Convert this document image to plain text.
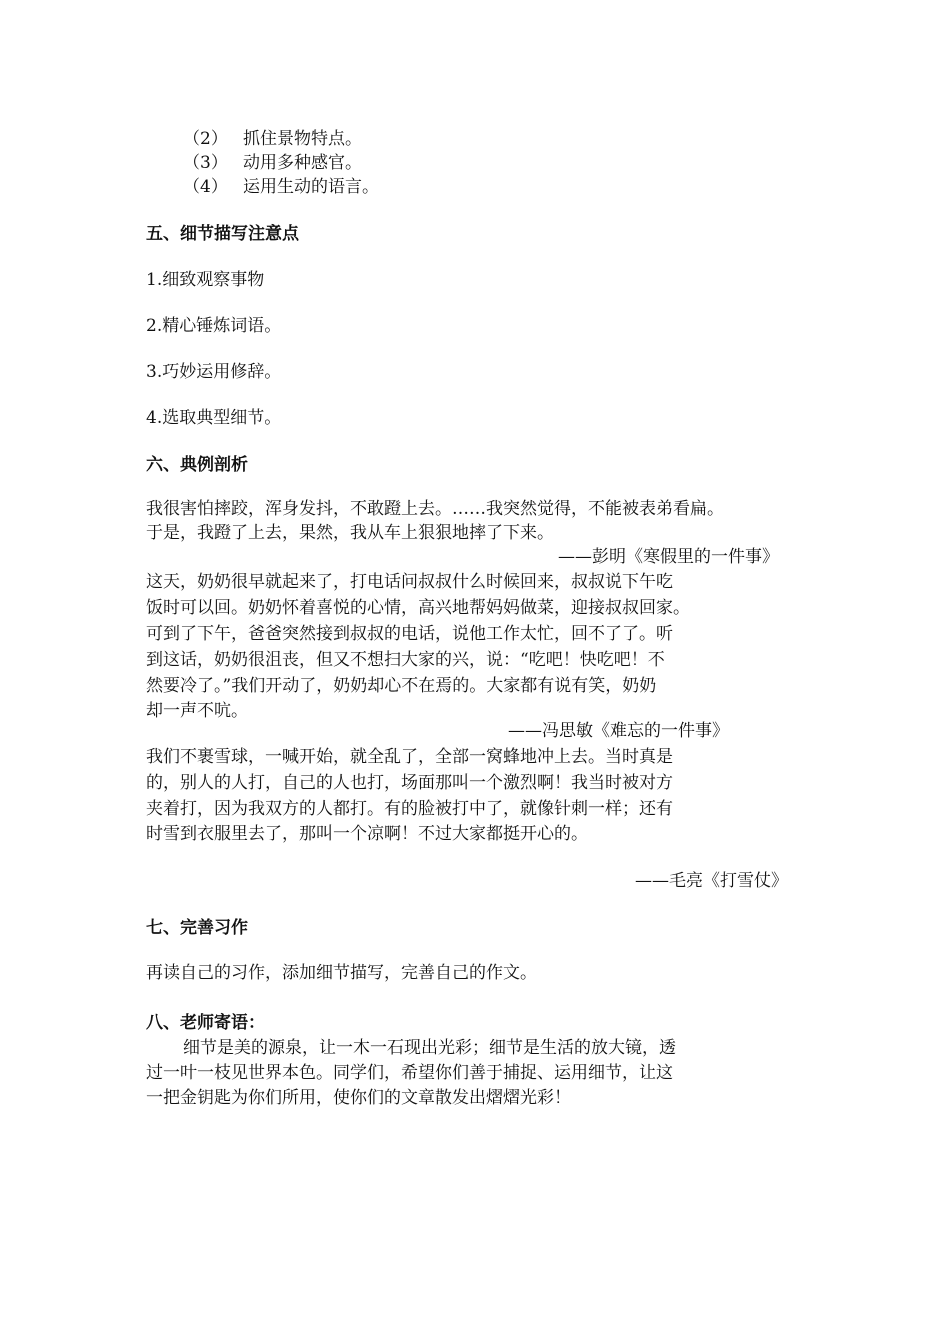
（2） 抓住景物特点。
（3） 动用多种感官。
（4） 运用生动的语言。
五、细节描写注意点
1.细致观察事物
2.精心锤炼词语。
3.巧妙运用修辞。
4.选取典型细节。
六、典例剖析
我很害怕摔跤，浑身发抖，不敢蹬上去。……我突然觉得，不能被表弟看扁。
于是，我蹬了上去，果然，我从车上狠狠地摔了下来。
——彭明《寒假里的一件事》
这天，奶奶很早就起来了，打电话问叔叔什么时候回来，叔叔说下午吃
饭时可以回。奶奶怀着喜悦的心情，高兴地帮妈妈做菜，迎接叔叔回家。
可到了下午，爸爸突然接到叔叔的电话，说他工作太忙，回不了了。听
到这话，奶奶很沮丧，但又不想扫大家的兴，说：“吃吧！快吃吧！不
然要冷了。”我们开动了，奶奶却心不在焉的。大家都有说有笑，奶奶
却一声不吭。
——冯思敏《难忘的一件事》
我们不裹雪球，一喊开始，就全乱了，全部一窝蜂地冲上去。当时真是
的，别人的人打，自己的人也打，场面那叫一个激烈啊！我当时被对方
夹着打，因为我双方的人都打。有的脸被打中了，就像针刺一样；还有
时雪到衣服里去了，那叫一个凉啊！不过大家都挺开心的。
——毛亮《打雪仗》
七、完善习作
再读自己的习作，添加细节描写，完善自己的作文。
八、老师寄语：
细节是美的源泉，让一木一石现出光彩；细节是生活的放大镜，透
过一叶一枝见世界本色。同学们，希望你们善于捕捉、运用细节，让这
一把金钥匙为你们所用，使你们的文章散发出熠熠光彩！
